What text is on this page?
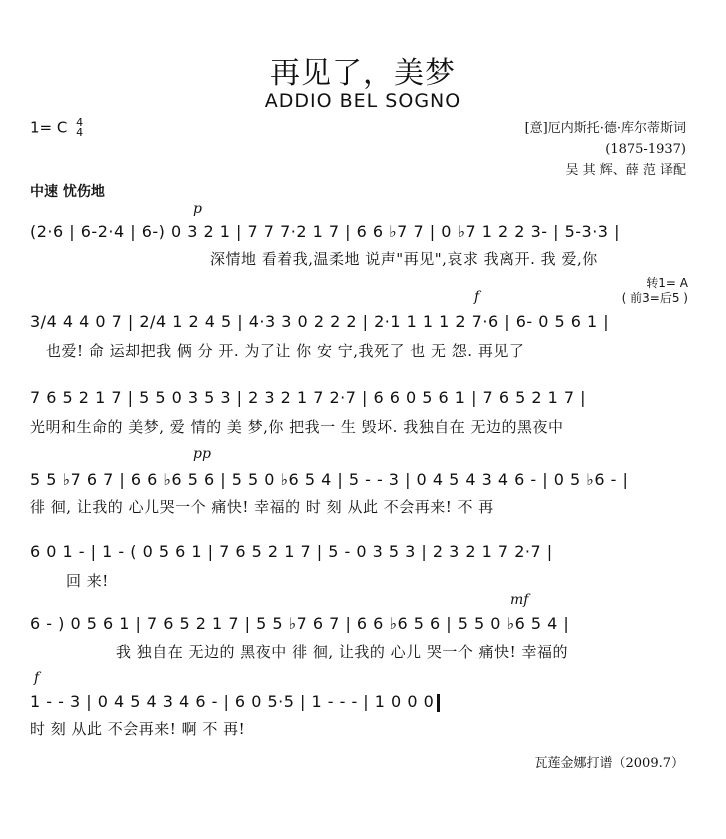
再见了，美梦
ADDIO BEL SOGNO
1= C 4
4	[意]厄内斯托·德·库尔蒂斯词
(1875-1937)
吴 其 辉、薛 范 译配
中速 忧伤地
转1= A
( 前3=后5 )
p
(2·6 | 6-2·4 | 6-) 0 3 2 1 | 7 7 7·2 1 7 | 6 6 ♭7 7 | 0 ♭7 1 2 2 3- | 5-3·3 |
深情地 看着我,温柔地 说声"再见",哀求 我离开. 我 爱,你
f
3/4 4 4 0 7 | 2/4 1 2 4 5 | 4·3 3 0 2 2 2 | 2·1 1 1 1 2 7·6 | 6- 0 5 6 1 |
也爱! 命 运却把我 俩 分 开. 为了让 你 安 宁,我死了 也 无 怨. 再见了
7 6 5 2 1 7 | 5 5 0 3 5 3 | 2 3 2 1 7 2·7 | 6 6 0 5 6 1 | 7 6 5 2 1 7 |
光明和生命的 美梦, 爱 情的 美 梦,你 把我一 生 毁坏. 我独自在 无边的黑夜中
pp
5 5 ♭7 6 7 | 6 6 ♭6 5 6 | 5 5 0 ♭6 5 4 | 5 - - 3 | 0 4 5 4 3 4 6 - | 0 5 ♭6 - |
徘 徊, 让我的 心儿哭一个 痛快! 幸福的 时 刻 从此 不会再来! 不 再
6 0 1 - | 1 - ( 0 5 6 1 | 7 6 5 2 1 7 | 5 - 0 3 5 3 | 2 3 2 1 7 2·7 |
回 来!
mf
6 - ) 0 5 6 1 | 7 6 5 2 1 7 | 5 5 ♭7 6 7 | 6 6 ♭6 5 6 | 5 5 0 ♭6 5 4 |
我 独自在 无边的 黑夜中 徘 徊, 让我的 心儿 哭一个 痛快! 幸福的
f
1 - - 3 | 0 4 5 4 3 4 6 - | 6 0 5·5 | 1 - - - | 1 0 0 0
时 刻 从此 不会再来! 啊 不 再!
瓦莲金娜打谱（2009.7）
